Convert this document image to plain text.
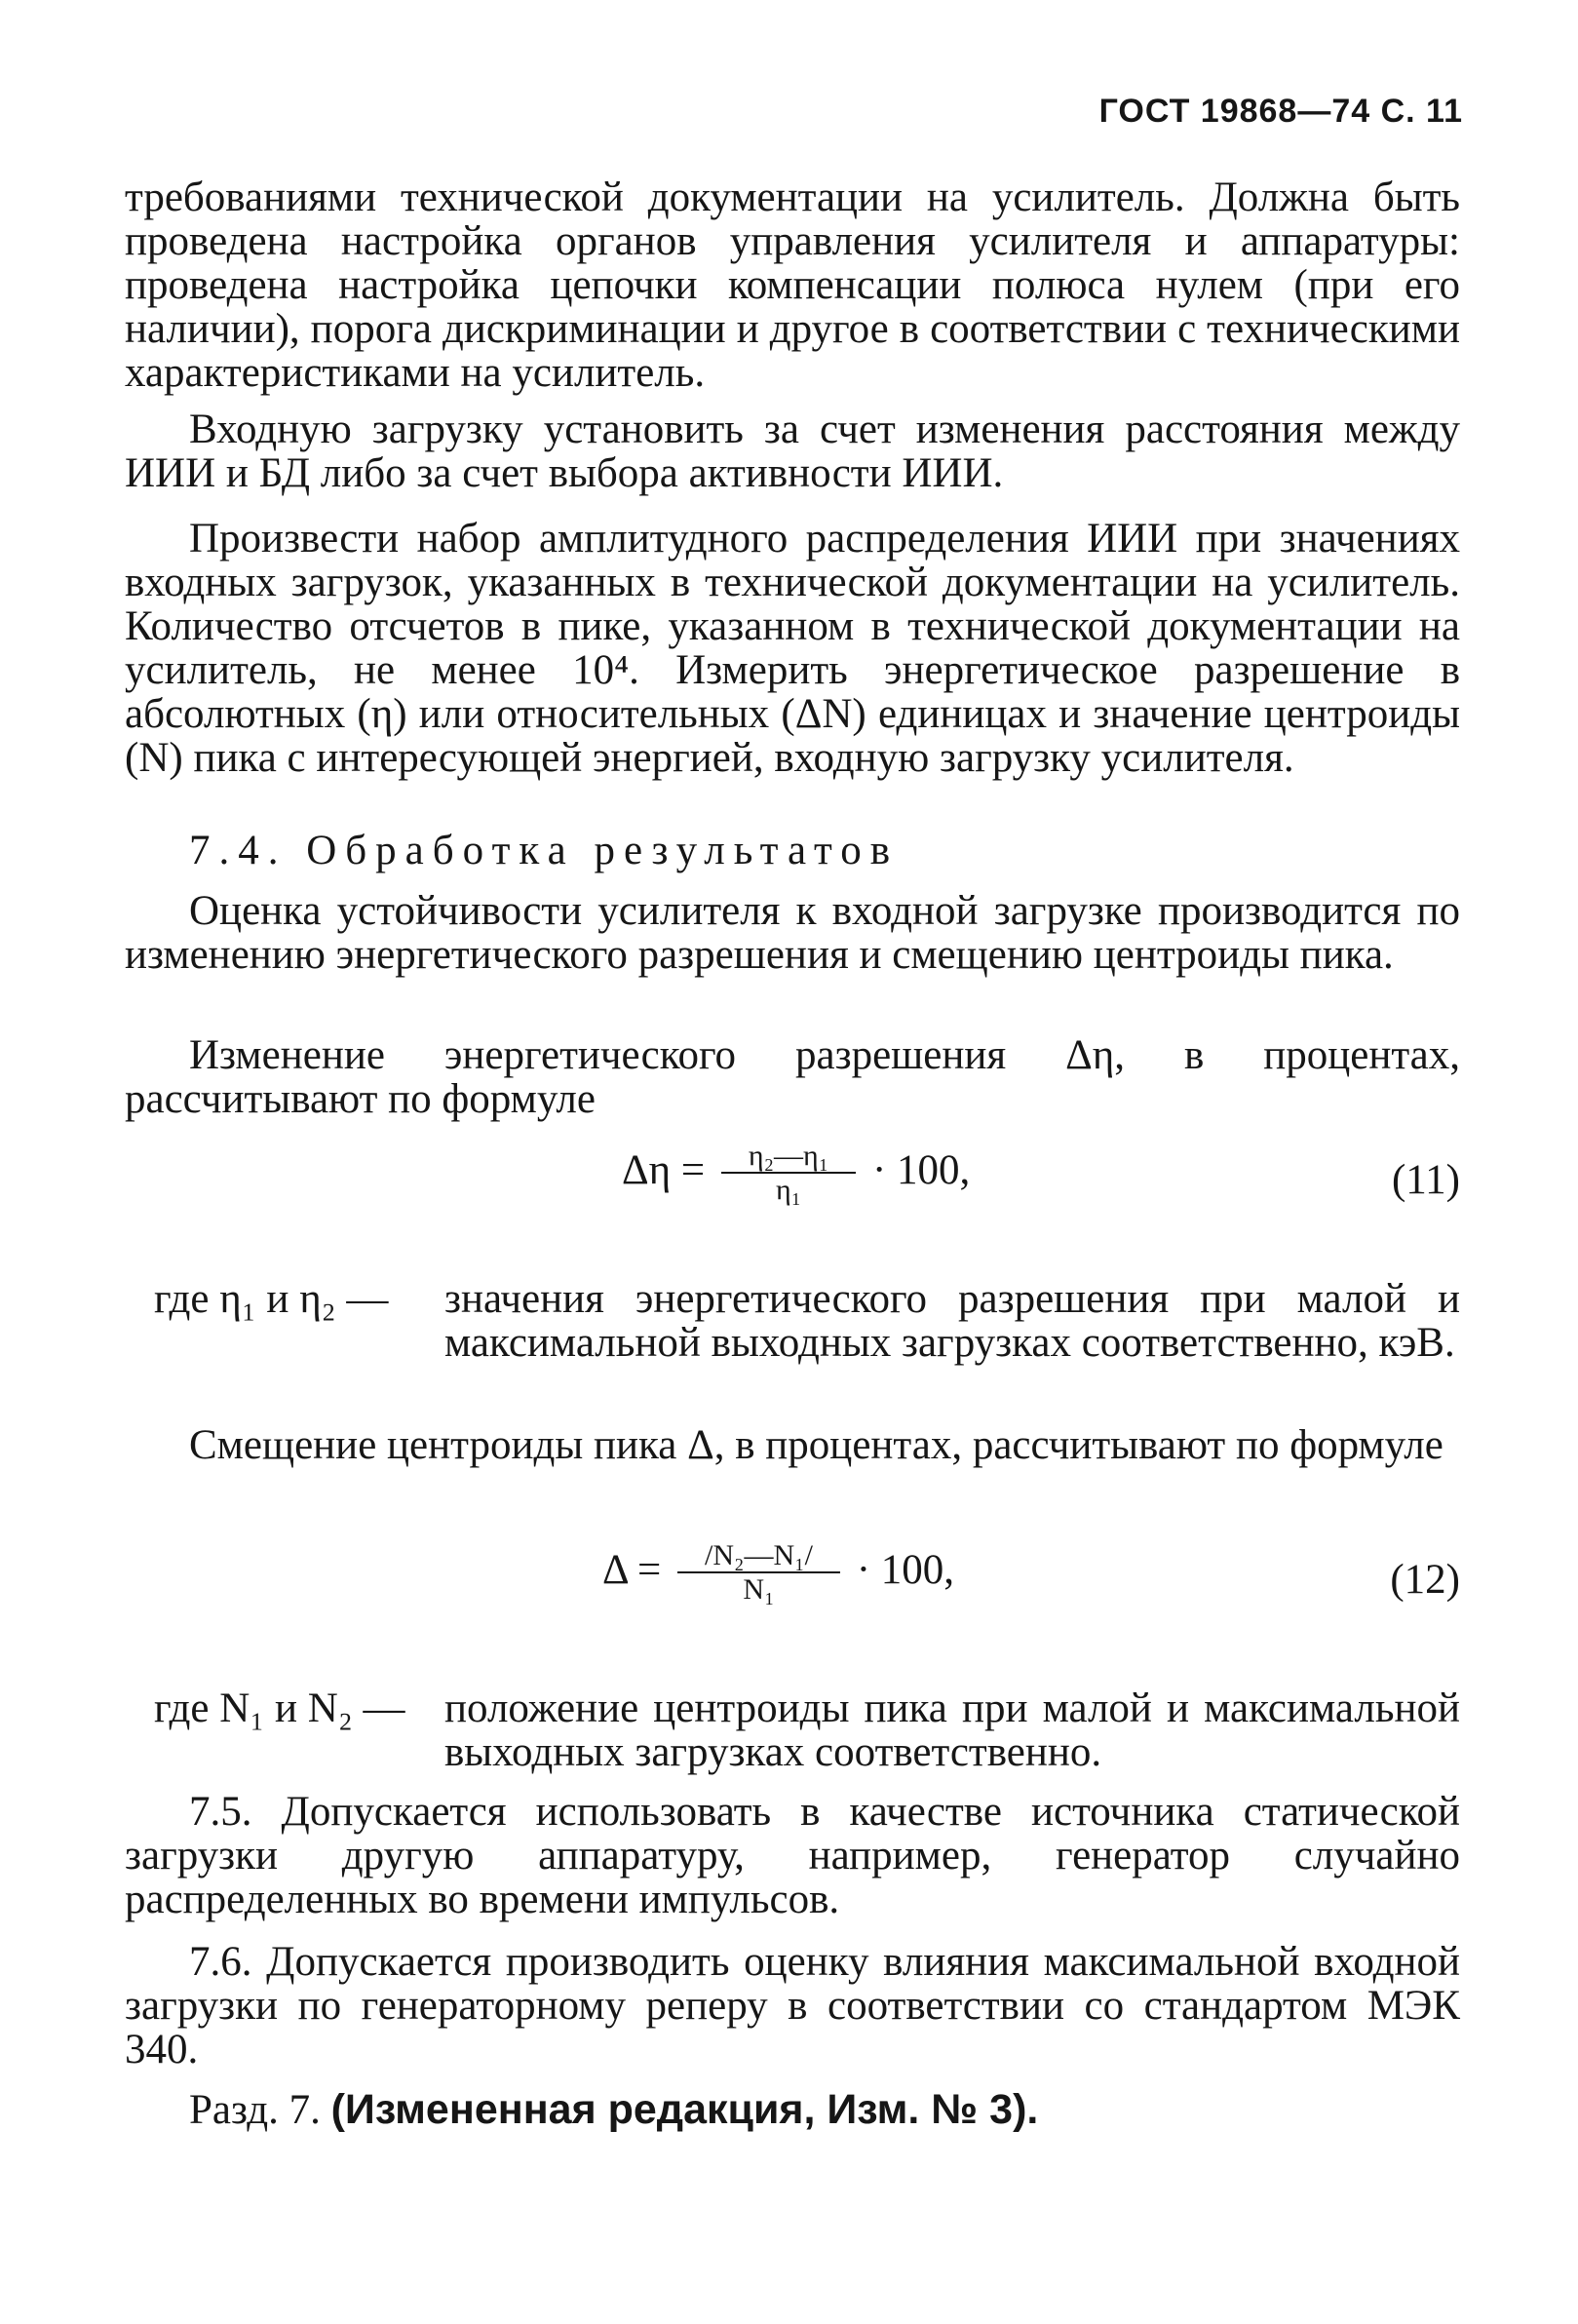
ГОСТ 19868—74 С. 11

требованиями технической документации на усилитель. Должна быть проведена настройка органов управления усилителя и аппаратуры: проведена настройка цепочки компенсации полюса нулем (при его наличии), порога дискриминации и другое в соответствии с техническими характеристиками на усилитель.

Входную загрузку установить за счет изменения расстояния между ИИИ и БД либо за счет выбора активности ИИИ.

Произвести набор амплитудного распределения ИИИ при значениях входных загрузок, указанных в технической документации на усилитель. Количество отсчетов в пике, указанном в технической документации на усилитель, не менее 10⁴. Измерить энергетическое разрешение в абсолютных (η) или относительных (ΔN) единицах и значение центроиды (N) пика с интересующей энергией, входную загрузку усилителя.

7.4. Обработка результатов

Оценка устойчивости усилителя к входной загрузке производится по изменению энергетического разрешения и смещению центроиды пика.

Изменение энергетического разрешения Δη, в процентах, рассчитывают по формуле

$\Delta\eta = \frac{\text{η₂—η₁}}{\text{η₁}} \cdot 100$,	(11)
где η₁ и η₂ — значения энергетического разрешения при малой и максимальной выходных загрузках соответственно, кэВ.

Смещение центроиды пика Δ, в процентах, рассчитывают по формуле

$\Delta = \frac{\text{/N₂—N₁/}}{\text{N₁}} \cdot 100$,	(12)
где N₁ и N₂ — положение центроиды пика при малой и максимальной выходных загрузках соответственно.

7.5. Допускается использовать в качестве источника статической загрузки другую аппаратуру, например, генератор случайно распределенных во времени импульсов.

7.6. Допускается производить оценку влияния максимальной входной загрузки по генераторному реперу в соответствии со стандартом МЭК 340.

Разд. 7. (Измененная редакция, Изм. № 3).
